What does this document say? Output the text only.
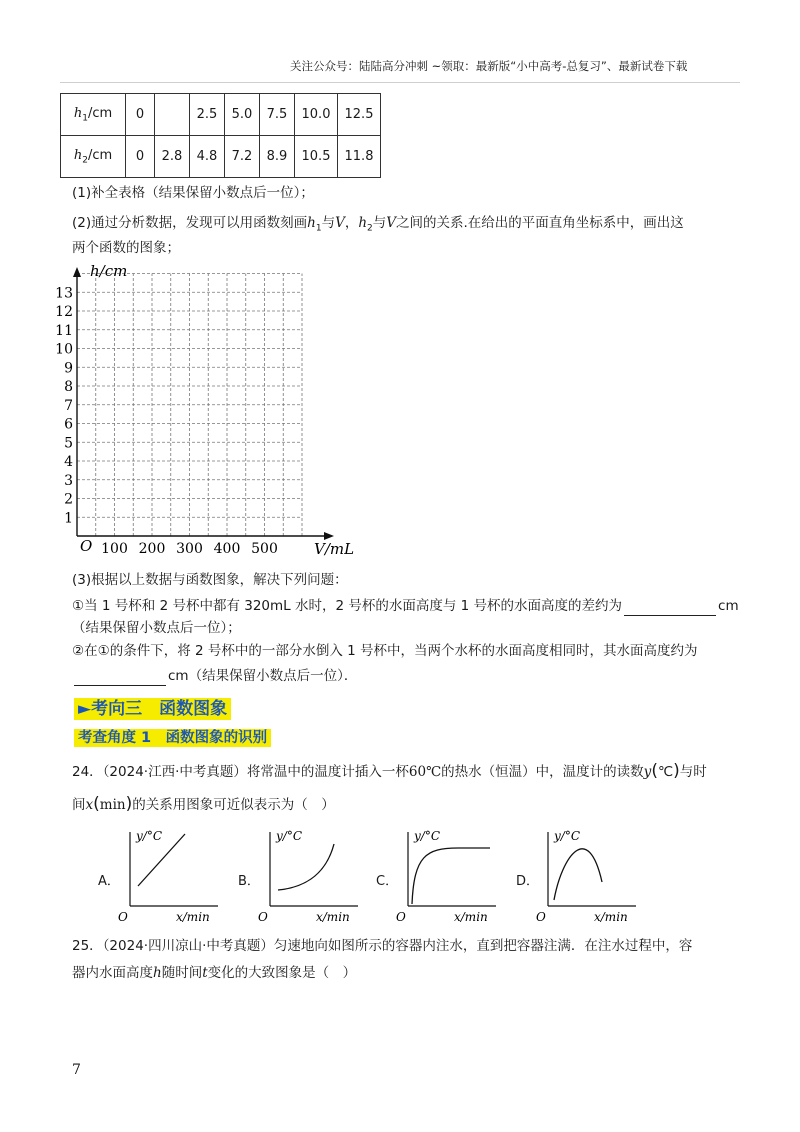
关注公众号：陆陆高分冲刺 ~领取：最新版“小中高考-总复习”、最新试卷下载
$h_1/cm$	0		2.5	5.0	7.5	10.0	12.5
$h_2/cm$	0	2.8	4.8	7.2	8.9	10.5	11.8
(1)补全表格（结果保留小数点后一位）；
(2)通过分析数据，发现可以用函数刻画$h_1$与V，$h_2$与V之间的关系.在给出的平面直角坐标系中，画出这
两个函数的图象；
h/cm
V/mL
O
1
2
3
4
5
6
7
8
9
10
11
12
13
100 200 300 400 500
(3)根据以上数据与函数图象，解决下列问题：
①当 1 号杯和 2 号杯中都有 320mL 水时，2 号杯的水面高度与 1 号杯的水面高度的差约为	cm
（结果保留小数点后一位）；
②在①的条件下，将 2 号杯中的一部分水倒入 1 号杯中，当两个水杯的水面高度相同时，其水面高度约为
cm（结果保留小数点后一位）．
►考向三　函数图象
考查角度 1　函数图象的识别
24．（2024·江西·中考真题）将常温中的温度计插入一杯60℃的热水（恒温）中，温度计的读数y(℃)与时
间x(min)的关系用图象可近似表示为（　）
A．
y/°C
x/min
O
B．
y/°C
x/min
O
C．
y/°C
x/min
O
D．
y/°C
x/min
O
25．（2024·四川凉山·中考真题）匀速地向如图所示的容器内注水，直到把容器注满．在注水过程中，容
器内水面高度h随时间t变化的大致图象是（　）
7
